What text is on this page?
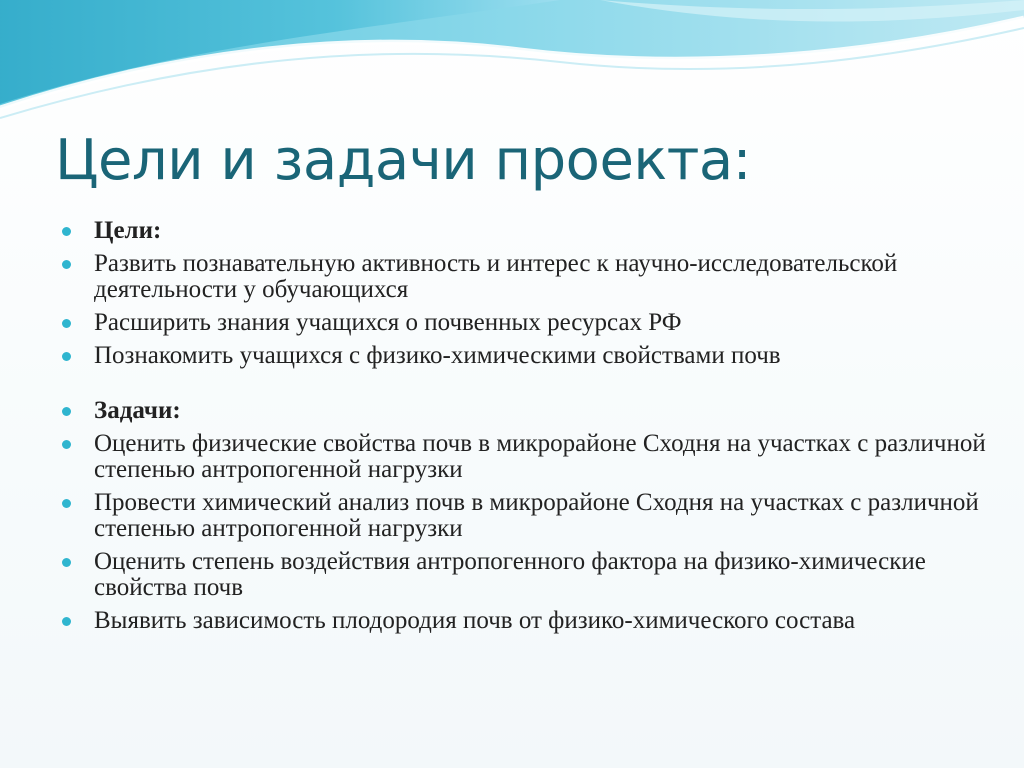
Цели и задачи проекта:
Цели:
Развить познавательную активность и интерес к научно-исследовательской деятельности у обучающихся
Расширить знания учащихся о почвенных ресурсах РФ
Познакомить учащихся с физико-химическими свойствами почв
Задачи:
Оценить физические свойства почв в микрорайоне Сходня на участках с различной степенью антропогенной нагрузки
Провести химический анализ почв в микрорайоне Сходня на участках с различной степенью антропогенной нагрузки
Оценить степень воздействия антропогенного фактора на физико-химические свойства почв
Выявить зависимость плодородия почв от физико-химического состава
